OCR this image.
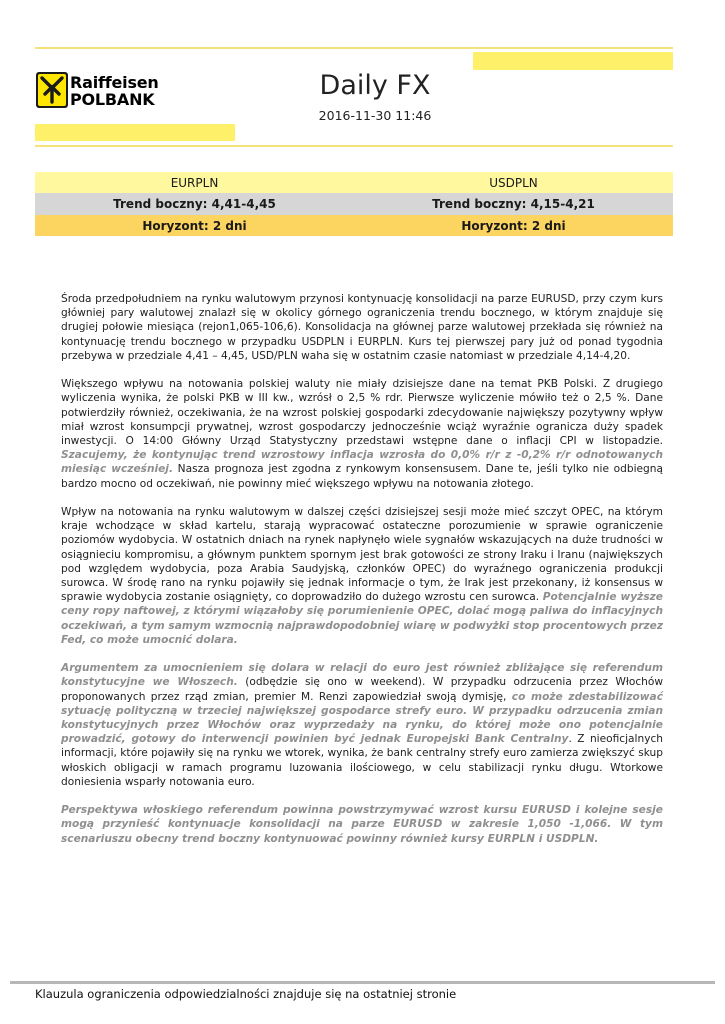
Raiffeisen
POLBANK	Daily FX
2016-11-30 11:46
EURPLN	USDPLN
Trend boczny: 4,41-4,45	Trend boczny: 4,15-4,21
Horyzont: 2 dni	Horyzont: 2 dni

Środa przedpołudniem na rynku walutowym przynosi kontynuację konsolidacji na parze EURUSD, przy czym kurs główniej pary walutowej znalazł się w okolicy górnego ograniczenia trendu bocznego, w którym znajduje się drugiej połowie miesiąca (rejon1,065-106,6). Konsolidacja na głównej parze walutowej przekłada się również na kontynuację trendu bocznego w przypadku USDPLN i EURPLN. Kurs tej pierwszej pary już od ponad tygodnia przebywa w przedziale 4,41 – 4,45, USD/PLN waha się w ostatnim czasie natomiast w przedziale 4,14-4,20.

Większego wpływu na notowania polskiej waluty nie miały dzisiejsze dane na temat PKB Polski. Z drugiego wyliczenia wynika, że polski PKB w III kw., wzrósł o 2,5 % rdr. Pierwsze wyliczenie mówiło też o 2,5 %. Dane potwierdziły również, oczekiwania, że na wzrost polskiej gospodarki zdecydowanie największy pozytywny wpływ miał wzrost konsumpcji prywatnej, wzrost gospodarczy jednocześnie wciąż wyraźnie ogranicza duży spadek inwestycji. O 14:00 Główny Urząd Statystyczny przedstawi wstępne dane o inflacji CPI w listopadzie. Szacujemy, że kontynując trend wzrostowy inflacja wzrosła do 0,0% r/r z -0,2% r/r odnotowanych miesiąc wcześniej. Nasza prognoza jest zgodna z rynkowym konsensusem. Dane te, jeśli tylko nie odbiegną bardzo mocno od oczekiwań, nie powinny mieć większego wpływu na notowania złotego.

Wpływ na notowania na rynku walutowym w dalszej części dzisiejszej sesji może mieć szczyt OPEC, na którym kraje wchodzące w skład kartelu, starają wypracować ostateczne porozumienie w sprawie ograniczenie poziomów wydobycia. W ostatnich dniach na rynek napłynęło wiele sygnałów wskazujących na duże trudności w osiągnieciu kompromisu, a głównym punktem spornym jest brak gotowości ze strony Iraku i Iranu (największych pod względem wydobycia, poza Arabia Saudyjską, członków OPEC) do wyraźnego ograniczenia produkcji surowca. W środę rano na rynku pojawiły się jednak informacje o tym, że Irak jest przekonany, iż konsensus w sprawie wydobycia zostanie osiągnięty, co doprowadziło do dużego wzrostu cen surowca. Potencjalnie wyższe ceny ropy naftowej, z którymi wiązałoby się porumienienie OPEC, dolać mogą paliwa do inflacyjnych oczekiwań, a tym samym wzmocnią najprawdopodobniej wiarę w podwyżki stop procentowych przez Fed, co może umocnić dolara.

Argumentem za umocnieniem się dolara w relacji do euro jest również zbliżające się referendum konstytucyjne we Włoszech. (odbędzie się ono w weekend). W przypadku odrzucenia przez Włochów proponowanych przez rząd zmian, premier M. Renzi zapowiedział swoją dymisję, co może zdestabilizować sytuację polityczną w trzeciej największej gospodarce strefy euro. W przypadku odrzucenia zmian konstytucyjnych przez Włochów oraz wyprzedaży na rynku, do której może ono potencjalnie prowadzić, gotowy do interwencji powinien być jednak Europejski Bank Centralny. Z nieoficjalnych informacji, które pojawiły się na rynku we wtorek, wynika, że bank centralny strefy euro zamierza zwiększyć skup włoskich obligacji w ramach programu luzowania ilościowego, w celu stabilizacji rynku długu. Wtorkowe doniesienia wsparły notowania euro.

Perspektywa włoskiego referendum powinna powstrzymywać wzrost kursu EURUSD i kolejne sesje mogą przynieść kontynuacje konsolidacji na parze EURUSD w zakresie 1,050 -1,066. W tym scenariuszu obecny trend boczny kontynuować powinny również kursy EURPLN i USDPLN.

Klauzula ograniczenia odpowiedzialności znajduje się na ostatniej stronie
